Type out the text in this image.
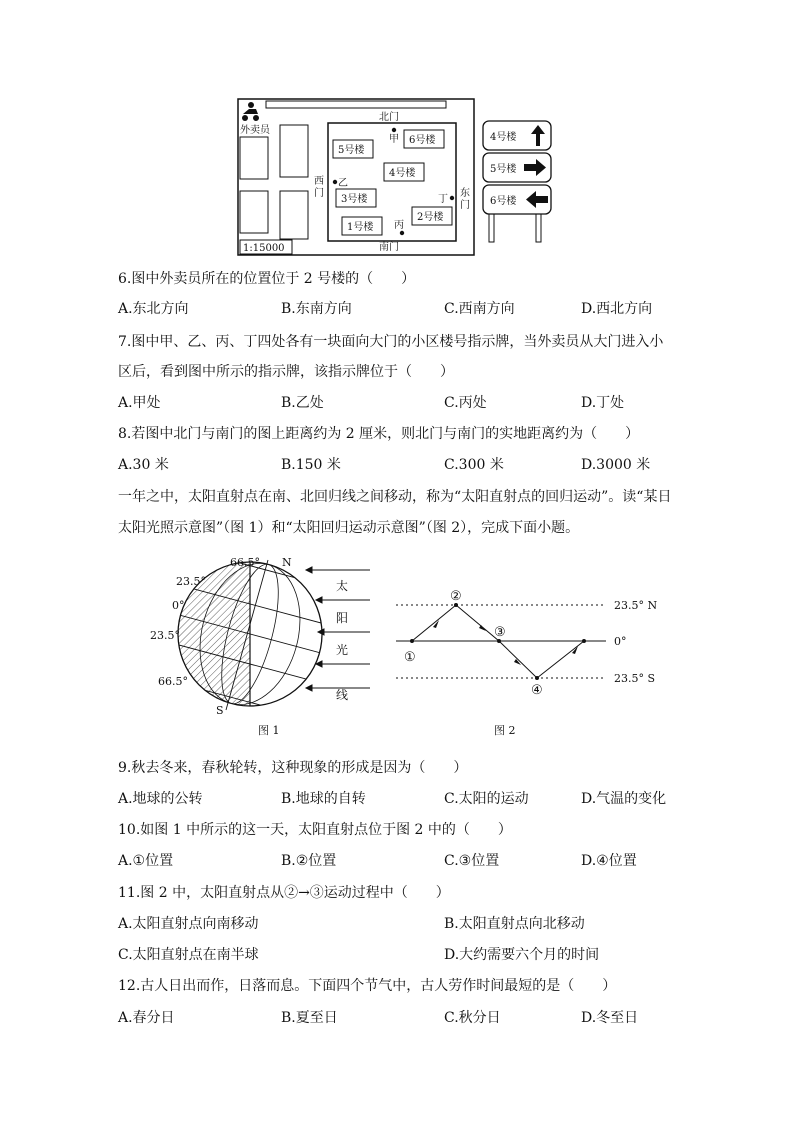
外卖员
北门
南门
西
门	东
门
5号楼
6号楼
4号楼
3号楼
2号楼
1号楼
甲
乙
丙
丁
1:15000
4号楼
5号楼
6号楼
6.图中外卖员所在的位置位于 2 号楼的（　　）
A.东北方向	B.东南方向	C.西南方向	D.西北方向
7.图中甲、乙、丙、丁四处各有一块面向大门的小区楼号指示牌，当外卖员从大门进入小
区后，看到图中所示的指示牌，该指示牌位于（　　）
A.甲处	B.乙处	C.丙处	D.丁处
8.若图中北门与南门的图上距离约为 2 厘米，则北门与南门的实地距离约为（　　）
A.30 米	B.150 米	C.300 米	D.3000 米
一年之中，太阳直射点在南、北回归线之间移动，称为“太阳直射点的回归运动”。读“某日太阳光照示意图”（图 1）和“太阳回归运动示意图”（图 2），完成下面小题。
66.5° N
23.5°
0°
23.5°
66.5°
S
太
阳
光
线
图 1
①
②
③
④
23.5° N
0°
23.5° S
图 2
9.秋去冬来，春秋轮转，这种现象的形成是因为（　　）
A.地球的公转	B.地球的自转	C.太阳的运动	D.气温的变化
10.如图 1 中所示的这一天，太阳直射点位于图 2 中的（　　）
A.①位置	B.②位置	C.③位置	D.④位置
11.图 2 中，太阳直射点从②→③运动过程中（　　）
A.太阳直射点向南移动	B.太阳直射点向北移动
C.太阳直射点在南半球	D.大约需要六个月的时间
12.古人日出而作，日落而息。下面四个节气中，古人劳作时间最短的是（　　）
A.春分日	B.夏至日	C.秋分日	D.冬至日
